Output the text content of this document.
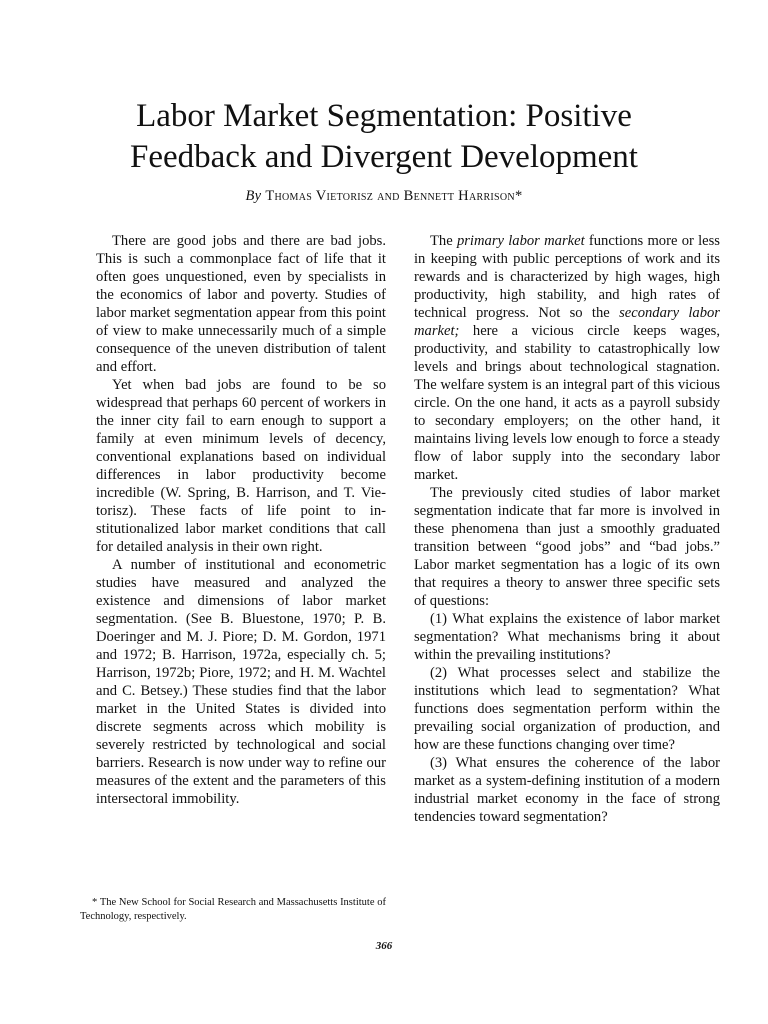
Labor Market Segmentation: Positive
Feedback and Divergent Development
By Thomas Vietorisz and Bennett Harrison*

There are good jobs and there are bad jobs. This is such a commonplace fact of life that it often goes unquestioned, even by specialists in the economics of labor and poverty. Studies of labor market segmentation appear from this point of view to make unnecessarily much of a simple consequence of the uneven distribution of talent and effort.

Yet when bad jobs are found to be so widespread that perhaps 60 percent of workers in the inner city fail to earn enough to support a family at even minimum levels of decency, conventional explanations based on individual differences in labor productivity become incredible (W. Spring, B. Harrison, and T. Vietorisz). These facts of life point to institutionalized labor market conditions that call for detailed analysis in their own right.

A number of institutional and econometric studies have measured and analyzed the existence and dimensions of labor market segmentation. (See B. Bluestone, 1970; P. B. Doeringer and M. J. Piore; D. M. Gordon, 1971 and 1972; B. Harrison, 1972a, especially ch. 5; Harrison, 1972b; Piore, 1972; and H. M. Wachtel and C. Betsey.) These studies find that the labor market in the United States is divided into discrete segments across which mobility is severely restricted by technological and social barriers. Research is now under way to refine our measures of the extent and the parameters of this intersectoral immobility.

The primary labor market functions more or less in keeping with public perceptions of work and its rewards and is characterized by high wages, high productivity, high stability, and high rates of technical progress. Not so the secondary labor market; here a vicious circle keeps wages, productivity, and stability to catastrophically low levels and brings about technological stagnation. The welfare system is an integral part of this vicious circle. On the one hand, it acts as a payroll subsidy to secondary employers; on the other hand, it maintains living levels low enough to force a steady flow of labor supply into the secondary labor market.

The previously cited studies of labor market segmentation indicate that far more is involved in these phenomena than just a smoothly graduated transition between “good jobs” and “bad jobs.” Labor market segmentation has a logic of its own that requires a theory to answer three specific sets of questions:

(1) What explains the existence of labor market segmentation? What mechanisms bring it about within the prevailing institutions?

(2) What processes select and stabilize the institutions which lead to segmentation? What functions does segmentation perform within the prevailing social organization of production, and how are these functions changing over time?

(3) What ensures the coherence of the labor market as a system-defining institution of a modern industrial market economy in the face of strong tendencies toward segmentation?

* The New School for Social Research and Massachusetts Institute of Technology, respectively.
366
